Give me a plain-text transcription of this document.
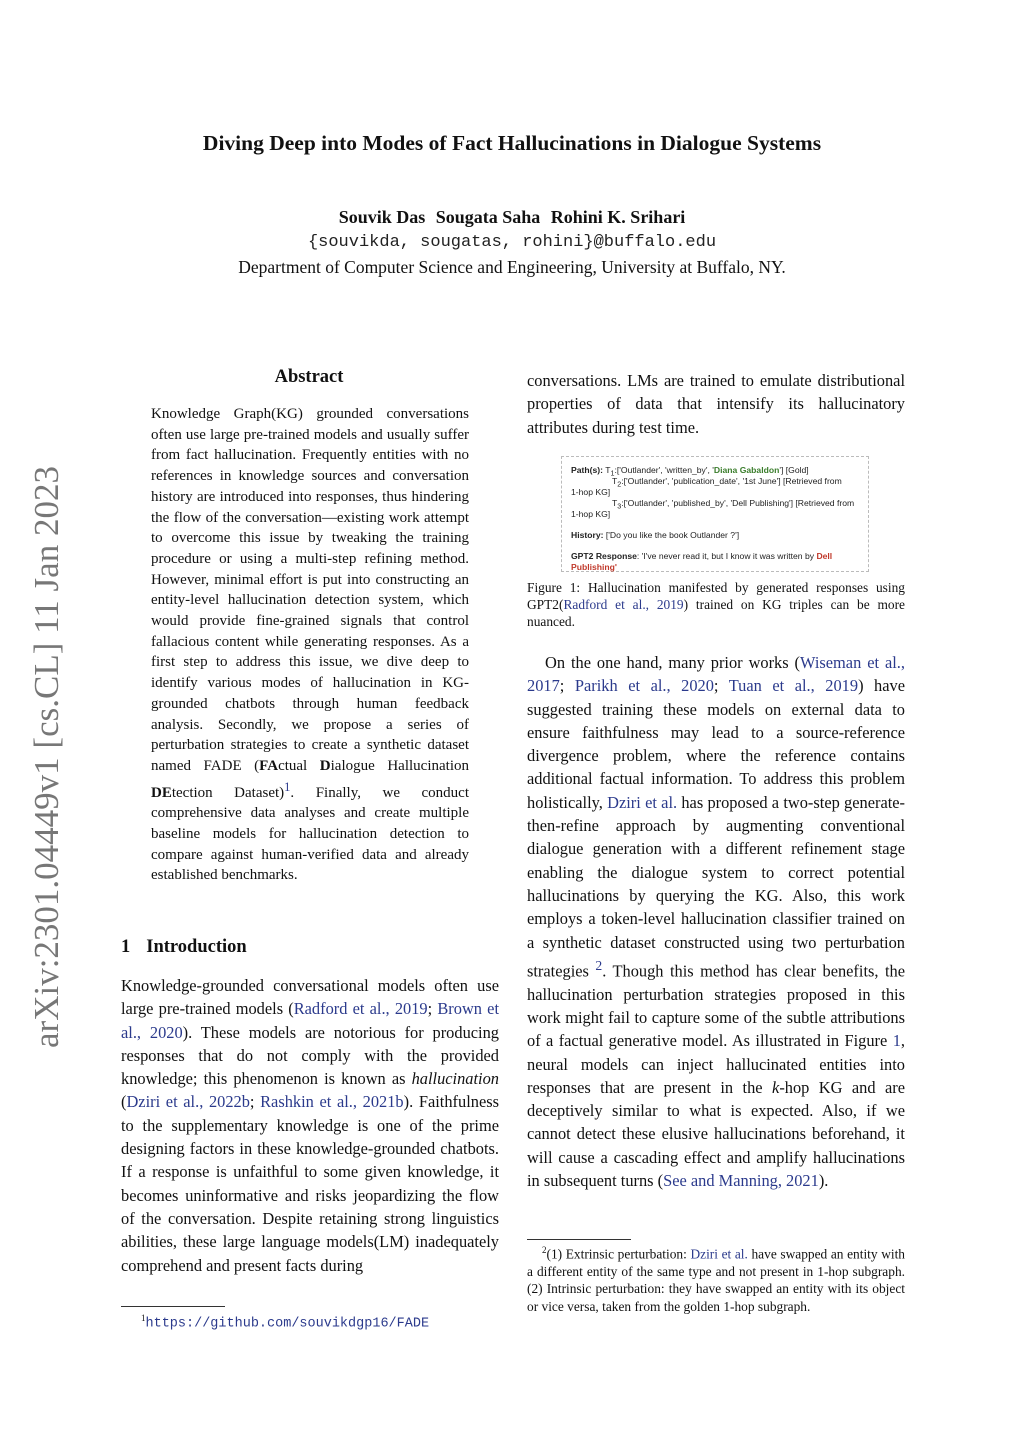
Diving Deep into Modes of Fact Hallucinations in Dialogue Systems
Souvik Das Sougata Saha Rohini K. Srihari
{souvikda, sougatas, rohini}@buffalo.edu
Department of Computer Science and Engineering, University at Buffalo, NY.
arXiv:2301.04449v1 [cs.CL] 11 Jan 2023
Abstract
Knowledge Graph(KG) grounded conversations often use large pre-trained models and usually suffer from fact hallucination. Frequently entities with no references in knowledge sources and conversation history are introduced into responses, thus hindering the flow of the conversation—existing work attempt to overcome this issue by tweaking the training procedure or using a multi-step refining method. However, minimal effort is put into constructing an entity-level hallucination detection system, which would provide fine-grained signals that control fallacious content while generating responses. As a first step to address this issue, we dive deep to identify various modes of hallucination in KG-grounded chatbots through human feedback analysis. Secondly, we propose a series of perturbation strategies to create a synthetic dataset named FADE (FActual Dialogue Hallucination DEtection Dataset)$^1$. Finally, we conduct comprehensive data analyses and create multiple baseline models for hallucination detection to compare against human-verified data and already established benchmarks.
1 Introduction
Knowledge-grounded conversational models often use large pre-trained models (Radford et al., 2019; Brown et al., 2020). These models are notorious for producing responses that do not comply with the provided knowledge; this phenomenon is known as hallucination (Dziri et al., 2022b; Rashkin et al., 2021b). Faithfulness to the supplementary knowledge is one of the prime designing factors in these knowledge-grounded chatbots. If a response is unfaithful to some given knowledge, it becomes uninformative and risks jeopardizing the flow of the conversation. Despite retaining strong linguistics abilities, these large language models(LM) inadequately comprehend and present facts during
$^1$https://github.com/souvikdgp16/FADE
conversations. LMs are trained to emulate distributional properties of data that intensify its hallucinatory attributes during test time.
Path(s): $T_1:['Outlander'$, 'written_by', 'Diana Gabaldon'] [Gold]
$T_2:['Outlander'$, 'publication_date', '1st June'] [Retrieved from
1-hop KG]
$T_3:['Outlander'$, 'published_by', 'Dell Publishing'] [Retrieved from
1-hop KG]
History: ['Do you like the book Outlander ?']
GPT2 Response: 'I've never read it, but I know it was written by Dell
Publishing'
Figure 1: Hallucination manifested by generated responses using GPT2(Radford et al., 2019) trained on KG triples can be more nuanced.
On the one hand, many prior works (Wiseman et al., 2017; Parikh et al., 2020; Tuan et al., 2019) have suggested training these models on external data to ensure faithfulness may lead to a source-reference divergence problem, where the reference contains additional factual information. To address this problem holistically, Dziri et al. has proposed a two-step generate-then-refine approach by augmenting conventional dialogue generation with a different refinement stage enabling the dialogue system to correct potential hallucinations by querying the KG. Also, this work employs a token-level hallucination classifier trained on a synthetic dataset constructed using two perturbation strategies $^2$. Though this method has clear benefits, the hallucination perturbation strategies proposed in this work might fail to capture some of the subtle attributions of a factual generative model. As illustrated in Figure 1, neural models can inject hallucinated entities into responses that are present in the k-hop KG and are deceptively similar to what is expected. Also, if we cannot detect these elusive hallucinations beforehand, it will cause a cascading effect and amplify hallucinations in subsequent turns (See and Manning, 2021).
$^2$(1) Extrinsic perturbation: Dziri et al. have swapped an entity with a different entity of the same type and not present in 1-hop subgraph. (2) Intrinsic perturbation: they have swapped an entity with its object or vice versa, taken from the golden 1-hop subgraph.
